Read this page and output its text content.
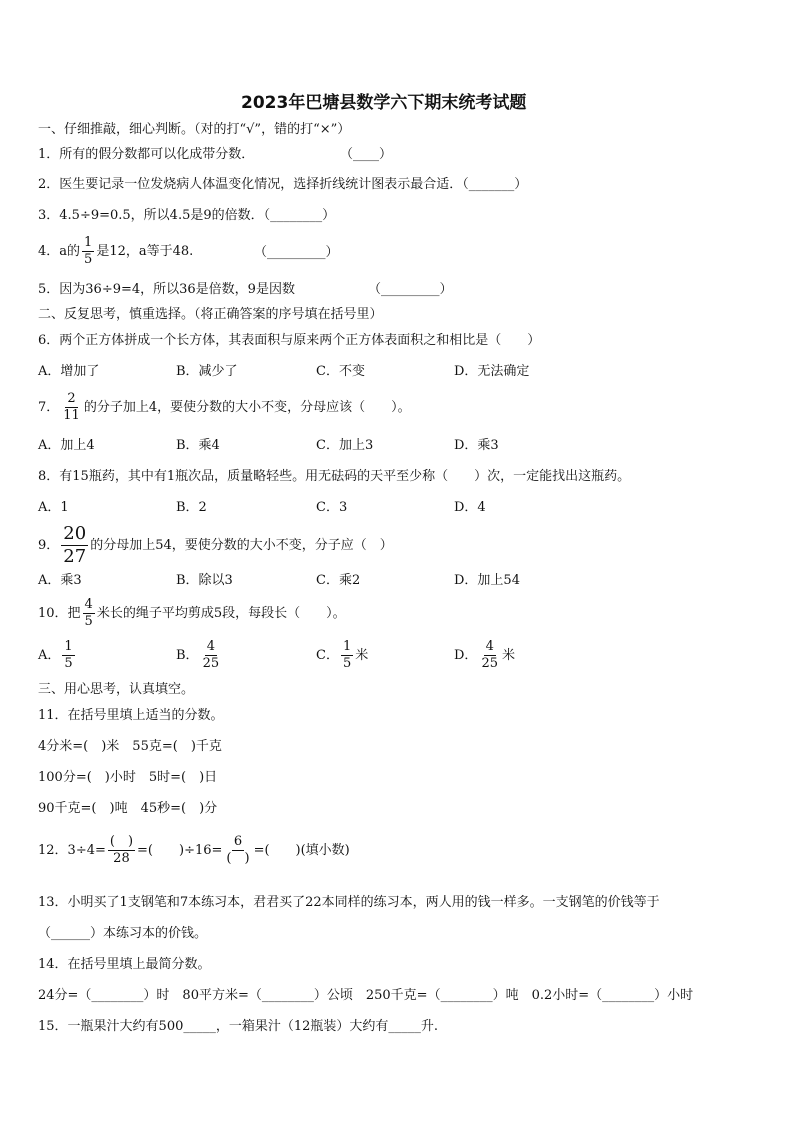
2023年巴塘县数学六下期末统考试题
一、仔细推敲，细心判断。（对的打“√”，错的打“×”）
1．所有的假分数都可以化成带分数．	（____）
2．医生要记录一位发烧病人体温变化情况，选择折线统计图表示最合适．（_______）
3．4.5÷9=0.5，所以4.5是9的倍数．（________）
4．a的 $\frac{1}{5}$ 是12，a等于48.	（_________）
5．因为36÷9=4，所以36是倍数，9是因数	（_________）
二、反复思考，慎重选择。（将正确答案的序号填在括号里）
6．两个正方体拼成一个长方体，其表面积与原来两个正方体表面积之和相比是（　　）
A．增加了	B．减少了	C．不变	D．无法确定
7． $\frac{2}{11}$ 的分子加上4，要使分数的大小不变，分母应该（　　）。
A．加上4	B．乘4	C．加上3	D．乘3
8．有15瓶药，其中有1瓶次品，质量略轻些。用无砝码的天平至少称（　　）次，一定能找出这瓶药。
A．1	B．2	C．3	D．4
9． $\frac{20}{27}$ 的分母加上54，要使分数的大小不变，分子应（　）
A．乘3	B．除以3	C．乘2	D．加上54
10．把 $\frac{4}{5}$ 米长的绳子平均剪成5段，每段长（　　）。
A． $\frac{1}{5}$	B． $\frac{4}{25}$	C． $\frac{1}{5}$ 米	D． $\frac{4}{25}$ 米
三、用心思考，认真填空。
11．在括号里填上适当的分数。
4分米=(　)米　55克=(　)千克
100分=(　)小时　5时=(　)日
90千克=(　)吨　45秒=(　)分
12．$3\div 4= \frac{( )}{28}$ =(　　)$\div 16= \frac{6}{( )}$ =(　　)(填小数)
13．小明买了1支钢笔和7本练习本，君君买了22本同样的练习本，两人用的钱一样多。一支钢笔的价钱等于
（______）本练习本的价钱。
14．在括号里填上最简分数。
24分=（________）时　80平方米=（________）公顷　250千克=（________）吨　0.2小时=（________）小时
15．一瓶果汁大约有500_____，一箱果汁（12瓶装）大约有_____升.
